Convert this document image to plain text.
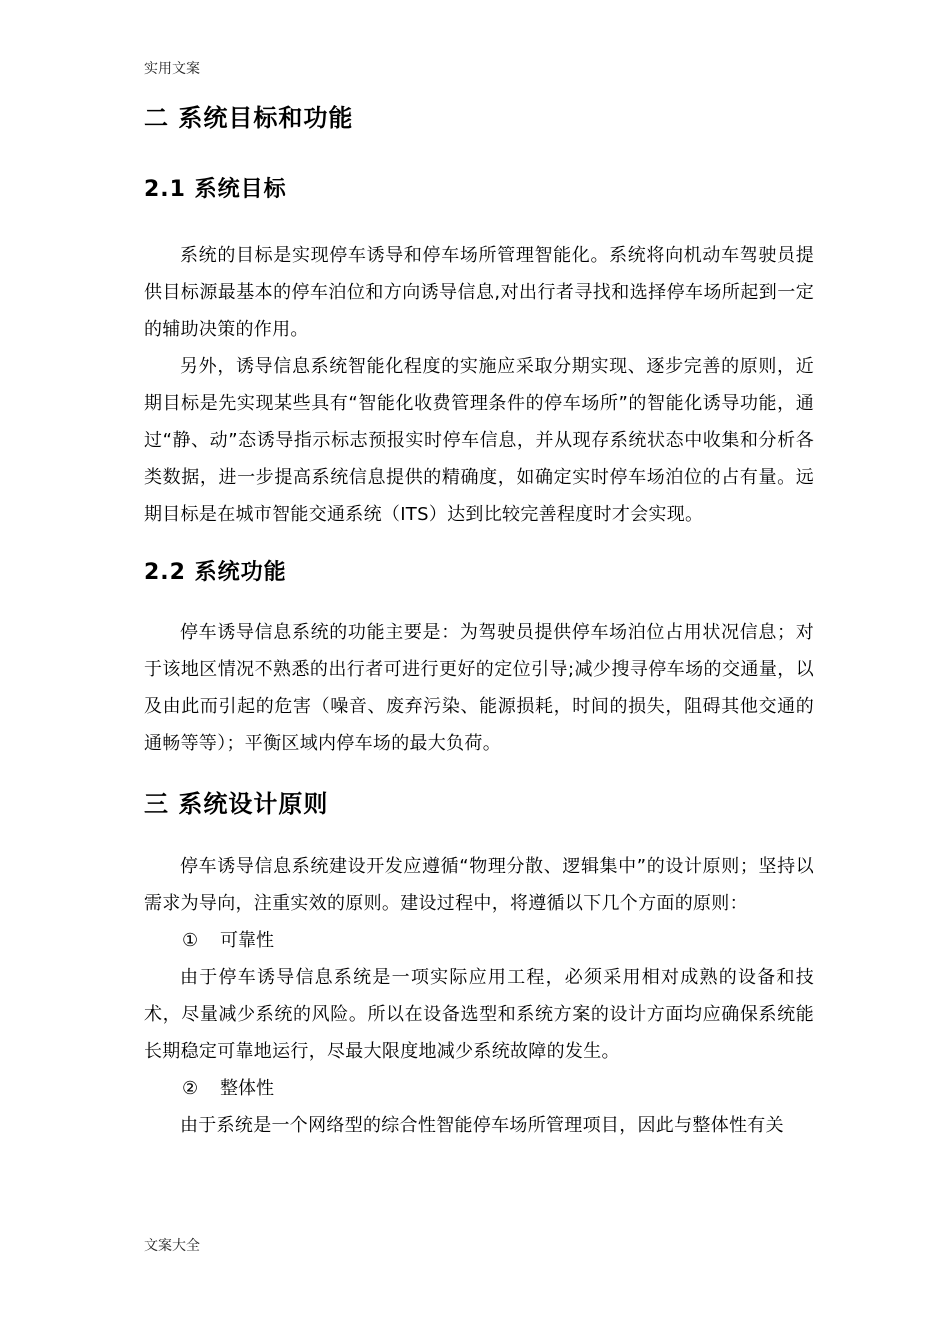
实用文案
二 系统目标和功能
2.1 系统目标

系统的目标是实现停车诱导和停车场所管理智能化。系统将向机动车驾驶员提供目标源最基本的停车泊位和方向诱导信息,对出行者寻找和选择停车场所起到一定的辅助决策的作用。

另外，诱导信息系统智能化程度的实施应采取分期实现、逐步完善的原则，近期目标是先实现某些具有“智能化收费管理条件的停车场所”的智能化诱导功能，通过“静、动”态诱导指示标志预报实时停车信息，并从现存系统状态中收集和分析各类数据，进一步提高系统信息提供的精确度，如确定实时停车场泊位的占有量。远期目标是在城市智能交通系统（ITS）达到比较完善程度时才会实现。

2.2 系统功能

停车诱导信息系统的功能主要是：为驾驶员提供停车场泊位占用状况信息；对于该地区情况不熟悉的出行者可进行更好的定位引导;减少搜寻停车场的交通量，以及由此而引起的危害（噪音、废弃污染、能源损耗，时间的损失，阻碍其他交通的通畅等等）；平衡区域内停车场的最大负荷。

三 系统设计原则

停车诱导信息系统建设开发应遵循“物理分散、逻辑集中”的设计原则；坚持以需求为导向，注重实效的原则。建设过程中，将遵循以下几个方面的原则：

① 可靠性

由于停车诱导信息系统是一项实际应用工程，必须采用相对成熟的设备和技术，尽量减少系统的风险。所以在设备选型和系统方案的设计方面均应确保系统能长期稳定可靠地运行，尽最大限度地减少系统故障的发生。

② 整体性

由于系统是一个网络型的综合性智能停车场所管理项目，因此与整体性有关

文案大全
